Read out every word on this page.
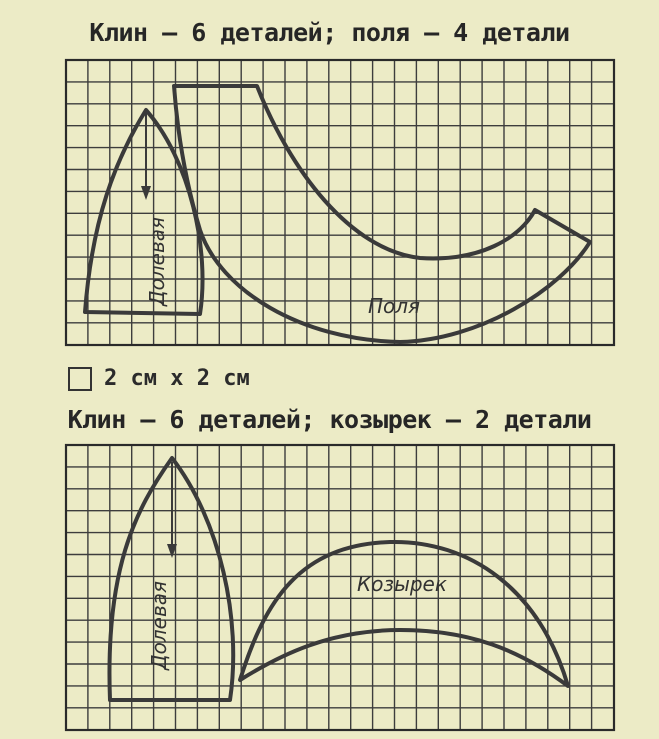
Клин – 6 деталей; поля – 4 детали
Долевая	Поля
2 см х 2 см
Клин – 6 деталей; козырек – 2 детали
Долевая	Козырек
